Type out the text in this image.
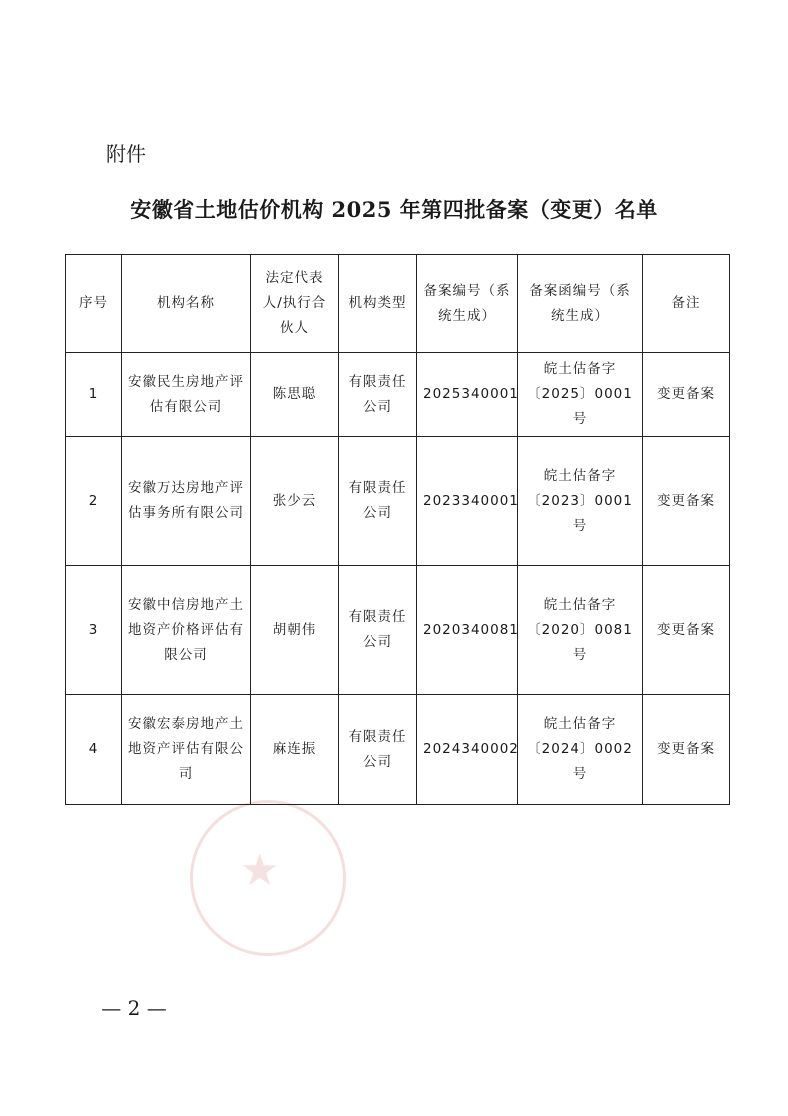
附件
安徽省土地估价机构 2025 年第四批备案（变更）名单
★
序号	机构名称	法定代表人/执行合伙人	机构类型	备案编号（系统生成）	备案函编号（系统生成）	备注
1	安徽民生房地产评估有限公司	陈思聪	有限责任公司	2025340001	皖土估备字〔2025〕0001 号	变更备案
2	安徽万达房地产评估事务所有限公司	张少云	有限责任公司	2023340001	皖土估备字〔2023〕0001 号	变更备案
3	安徽中信房地产土地资产价格评估有限公司	胡朝伟	有限责任公司	2020340081	皖土估备字〔2020〕0081 号	变更备案
4	安徽宏泰房地产土地资产评估有限公司	麻连振	有限责任公司	2024340002	皖土估备字〔2024〕0002 号	变更备案
— 2 —
